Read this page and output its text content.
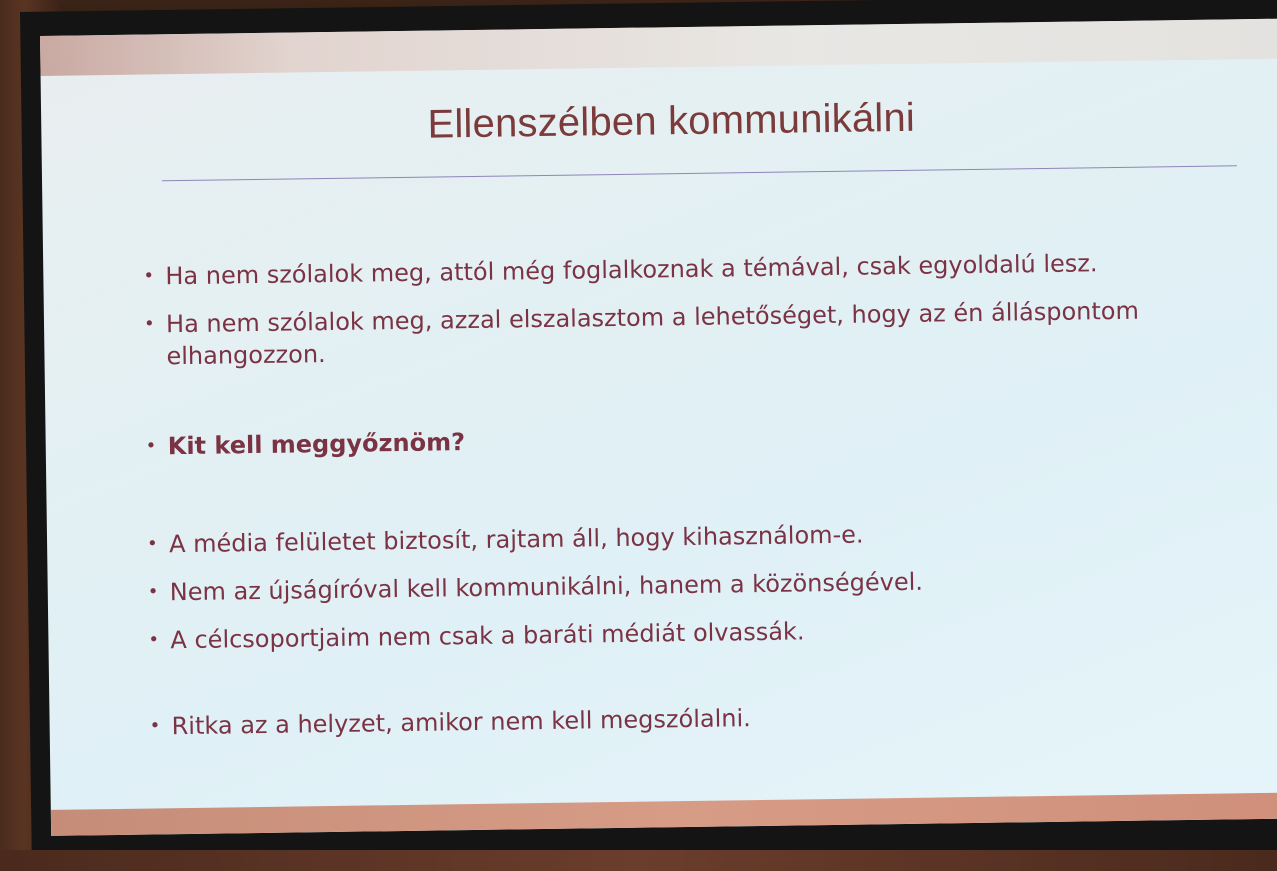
Ellenszélben kommunikálni
• Ha nem szólalok meg, attól még foglalkoznak a témával, csak egyoldalú lesz.
• Ha nem szólalok meg, azzal elszalasztom a lehetőséget, hogy az én álláspontom elhangozzon.
• Kit kell meggyőznöm?
• A média felületet biztosít, rajtam áll, hogy kihasználom-e.
• Nem az újságíróval kell kommunikálni, hanem a közönségével.
• A célcsoportjaim nem csak a baráti médiát olvassák.
• Ritka az a helyzet, amikor nem kell megszólalni.
